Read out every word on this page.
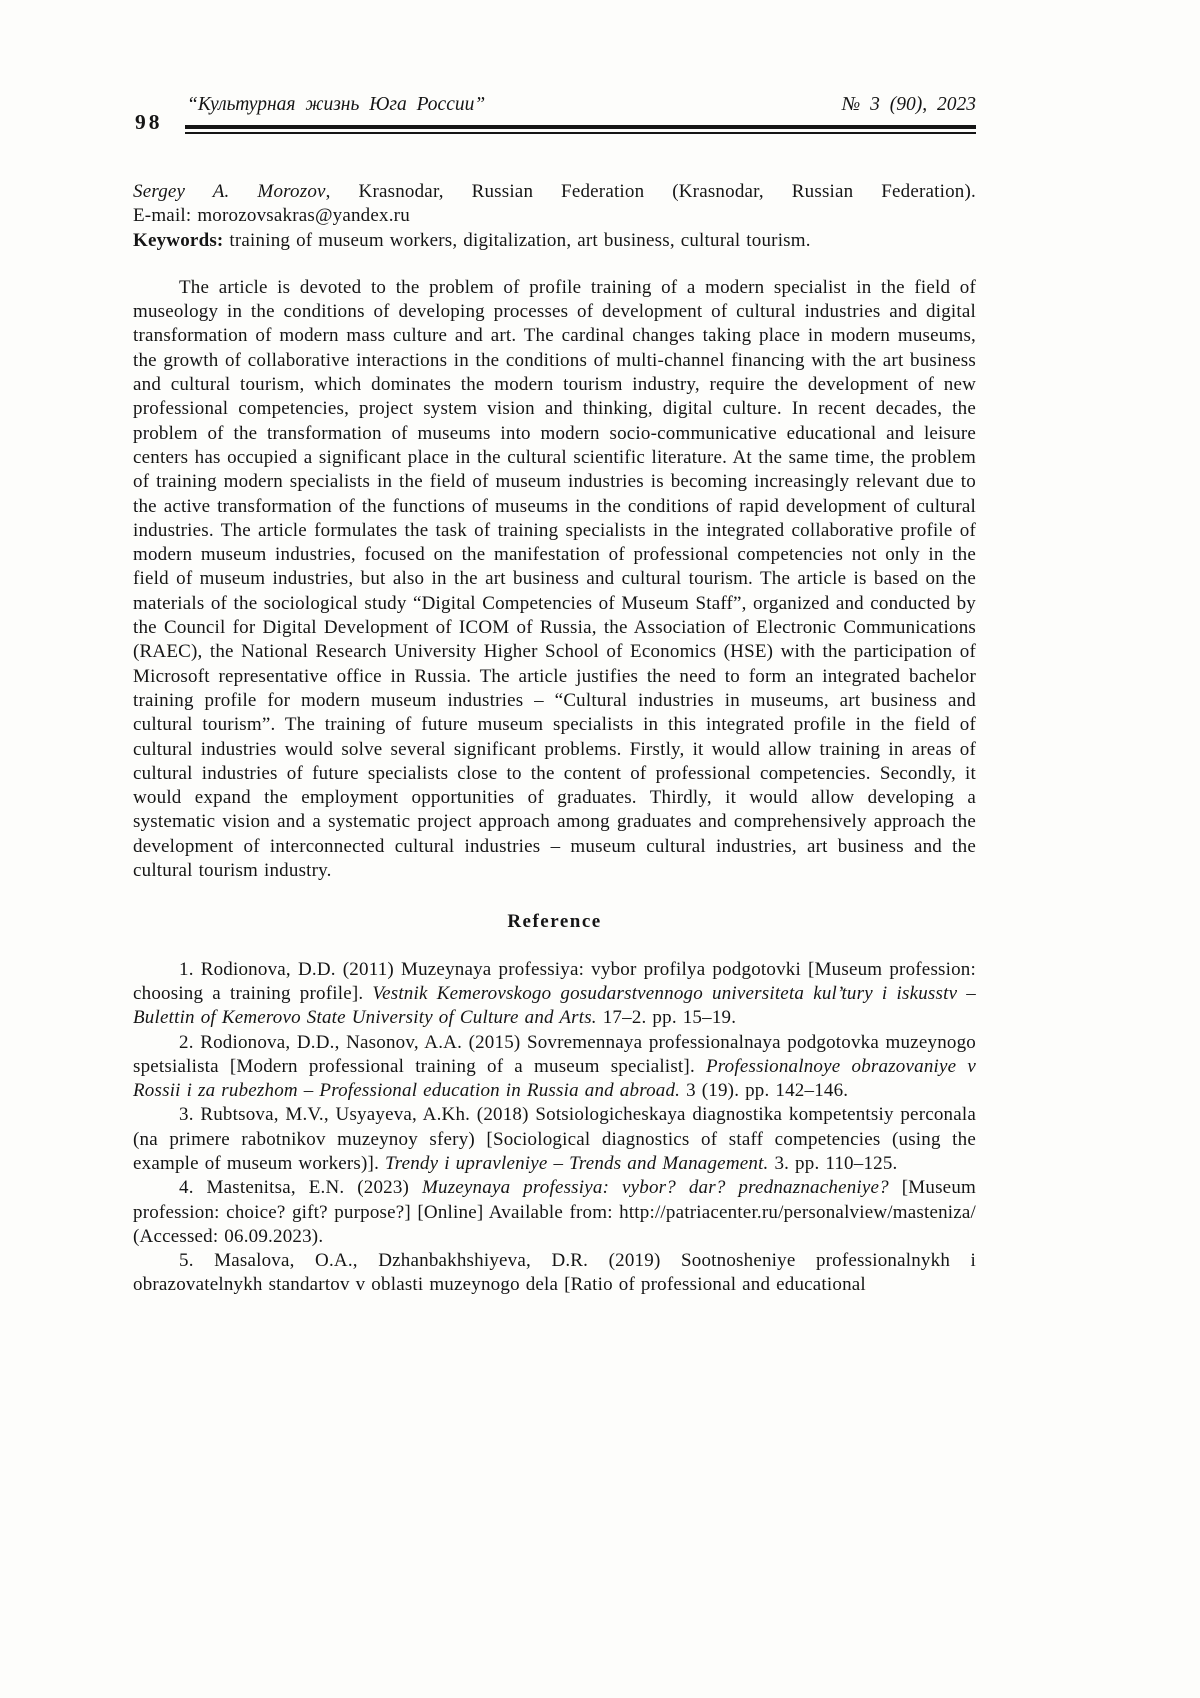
98
“Культурная жизнь Юга России”	№ 3 (90), 2023

Sergey A. Morozov, Krasnodar, Russian Federation (Krasnodar, Russian Federation).

E-mail: morozovsakras@yandex.ru

Keywords: training of museum workers, digitalization, art business, cultural tourism.

The article is devoted to the problem of profile training of a modern specialist in the field of museology in the conditions of developing processes of development of cultural industries and digital transformation of modern mass culture and art. The cardinal changes taking place in modern museums, the growth of collaborative interactions in the conditions of multi-channel financing with the art business and cultural tourism, which dominates the modern tourism industry, require the development of new professional competencies, project system vision and thinking, digital culture. In recent decades, the problem of the transformation of museums into modern socio-communicative educational and leisure centers has occupied a significant place in the cultural scientific literature. At the same time, the problem of training modern specialists in the field of museum industries is becoming increasingly relevant due to the active transformation of the functions of museums in the conditions of rapid development of cultural industries. The article formulates the task of training specialists in the integrated collaborative profile of modern museum industries, focused on the manifestation of professional competencies not only in the field of museum industries, but also in the art business and cultural tourism. The article is based on the materials of the sociological study “Digital Competencies of Museum Staff”, organized and conducted by the Council for Digital Development of ICOM of Russia, the Association of Electronic Communications (RAEC), the National Research University Higher School of Economics (HSE) with the participation of Microsoft representative office in Russia. The article justifies the need to form an integrated bachelor training profile for modern museum industries – “Cultural industries in museums, art business and cultural tourism”. The training of future museum specialists in this integrated profile in the field of cultural industries would solve several significant problems. Firstly, it would allow training in areas of cultural industries of future specialists close to the content of professional competencies. Secondly, it would expand the employment opportunities of graduates. Thirdly, it would allow developing a systematic vision and a systematic project approach among graduates and comprehensively approach the development of interconnected cultural industries – museum cultural industries, art business and the cultural tourism industry.

Reference

1. Rodionova, D.D. (2011) Muzeynaya professiya: vybor profilya podgotovki [Museum profession: choosing a training profile]. Vestnik Kemerovskogo gosudarstvennogo universiteta kul’tury i iskusstv – Bulettin of Kemerovo State University of Culture and Arts. 17–2. pp. 15–19.

2. Rodionova, D.D., Nasonov, A.A. (2015) Sovremennaya professionalnaya podgotovka muzeynogo spetsialista [Modern professional training of a museum specialist]. Professionalnoye obrazovaniye v Rossii i za rubezhom – Professional education in Russia and abroad. 3 (19). pp. 142–146.

3. Rubtsova, M.V., Usyayeva, A.Kh. (2018) Sotsiologicheskaya diagnostika kompetentsiy perconala (na primere rabotnikov muzeynoy sfery) [Sociological diagnostics of staff competencies (using the example of museum workers)]. Trendy i upravleniye – Trends and Management. 3. pp. 110–125.

4. Mastenitsa, E.N. (2023) Muzeynaya professiya: vybor? dar? prednaznacheniye? [Museum profession: choice? gift? purpose?] [Online] Available from: http://patriacenter.ru/personalview/masteniza/ (Accessed: 06.09.2023).

5. Masalova, O.A., Dzhanbakhshiyeva, D.R. (2019) Sootnosheniye professionalnykh i obrazovatelnykh standartov v oblasti muzeynogo dela [Ratio of professional and educational
